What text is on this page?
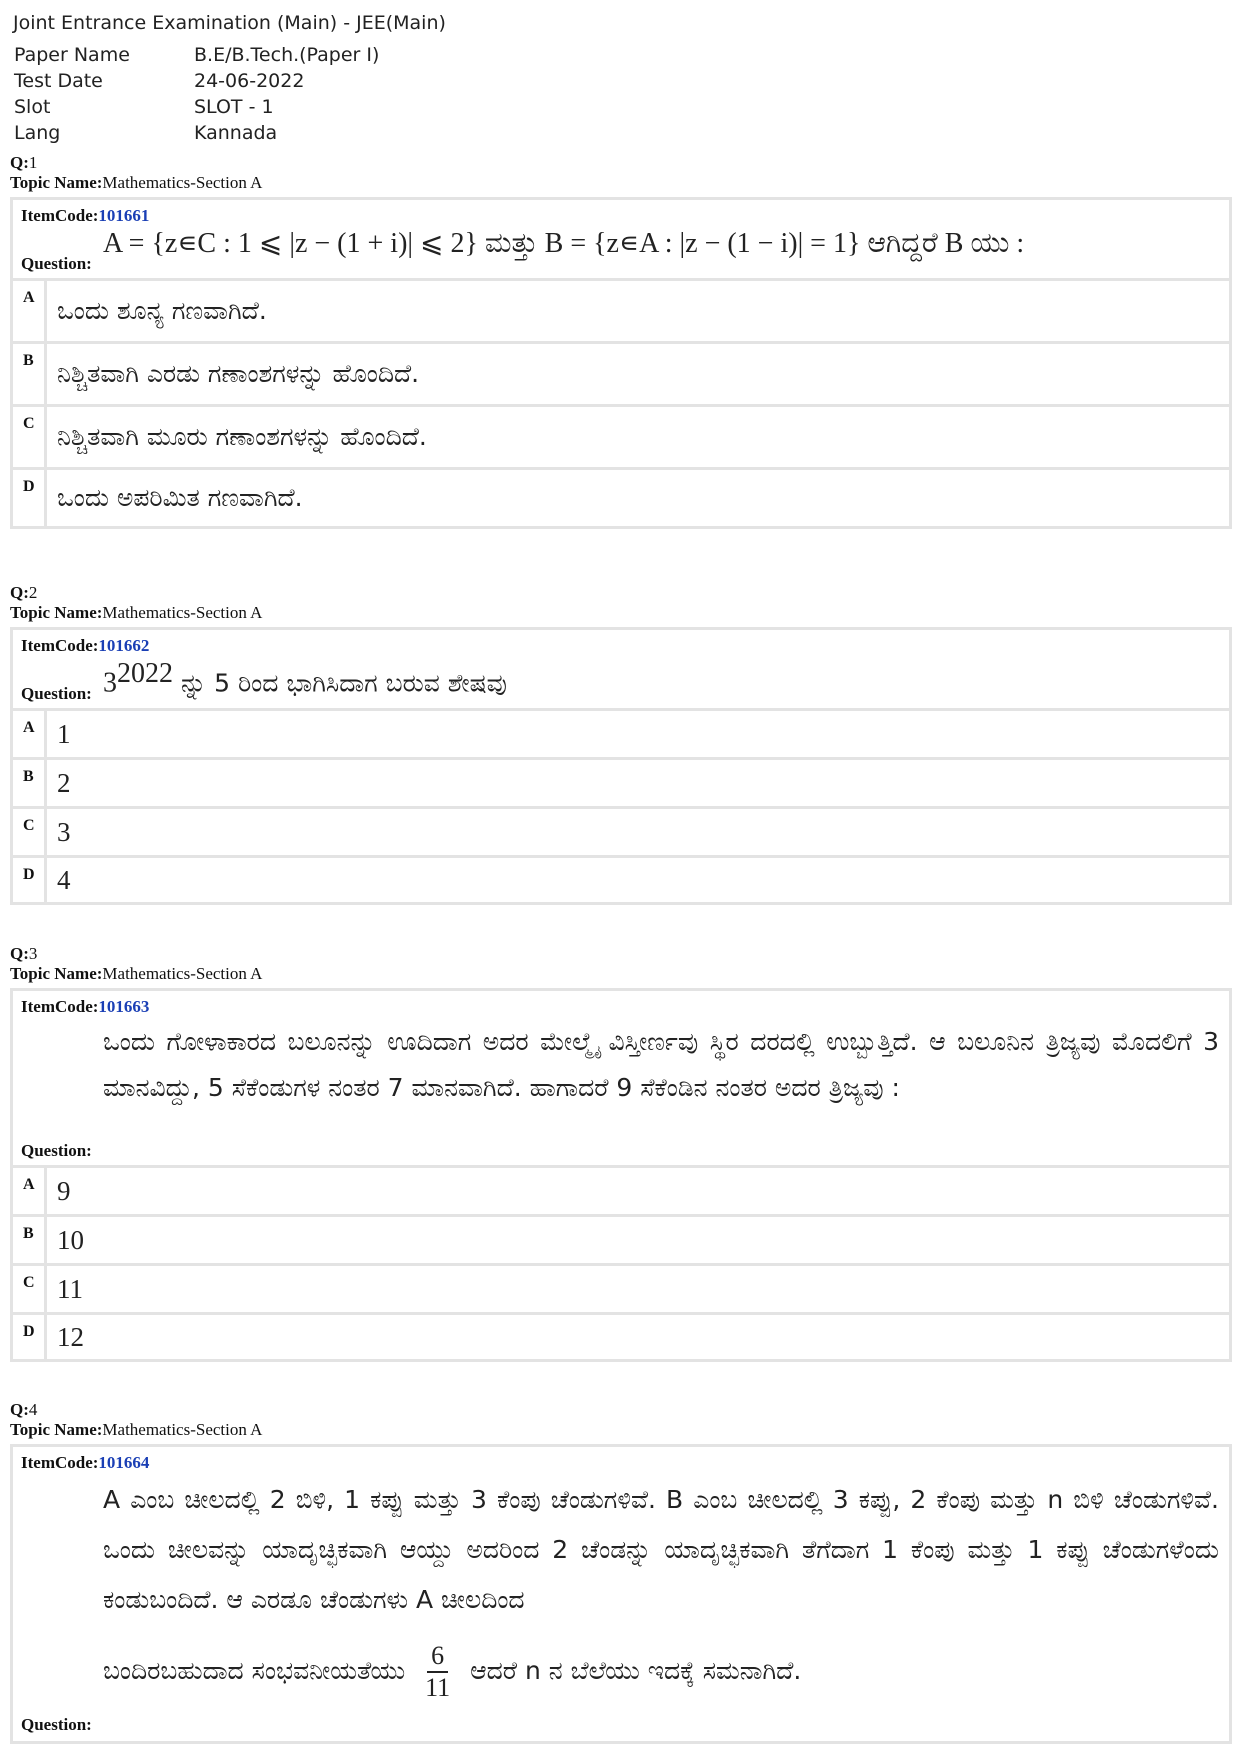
Joint Entrance Examination (Main) - JEE(Main)
Paper Name	B.E/B.Tech.(Paper I)
Test Date	24-06-2022
Slot	SLOT - 1
Lang	Kannada
Q:1
Topic Name:Mathematics-Section A
ItemCode:101661
Question:
A = {z∊C : 1 ⩽ |z − (1 + i)| ⩽ 2} ಮತ್ತು B = {z∊A : |z − (1 − i)| = 1} ಆಗಿದ್ದರೆ B ಯು :
A ಒಂದು ಶೂನ್ಯ ಗಣವಾಗಿದೆ.
B ನಿಶ್ಚಿತವಾಗಿ ಎರಡು ಗಣಾಂಶಗಳನ್ನು ಹೊಂದಿದೆ.
C ನಿಶ್ಚಿತವಾಗಿ ಮೂರು ಗಣಾಂಶಗಳನ್ನು ಹೊಂದಿದೆ.
D ಒಂದು ಅಪರಿಮಿತ ಗಣವಾಗಿದೆ.
Q:2
Topic Name:Mathematics-Section A
ItemCode:101662
Question: $3^{2022}$ ನ್ನು 5 ರಿಂದ ಭಾಗಿಸಿದಾಗ ಬರುವ ಶೇಷವು
A 1
B 2
C 3
D 4
Q:3
Topic Name:Mathematics-Section A
ItemCode:101663
Question:
ಒಂದು ಗೋಳಾಕಾರದ ಬಲೂನನ್ನು ಊದಿದಾಗ ಅದರ ಮೇಲ್ಮೈ ವಿಸ್ತೀರ್ಣವು ಸ್ಥಿರ ದರದಲ್ಲಿ ಉಬ್ಬುತ್ತಿದೆ. ಆ ಬಲೂನಿನ ತ್ರಿಜ್ಯವು ಮೊದಲಿಗೆ 3 ಮಾನವಿದ್ದು, 5 ಸೆಕೆಂಡುಗಳ ನಂತರ 7 ಮಾನವಾಗಿದೆ. ಹಾಗಾದರೆ 9 ಸೆಕೆಂಡಿನ ನಂತರ ಅದರ ತ್ರಿಜ್ಯವು :
A 9
B 10
C 11
D 12
Q:4
Topic Name:Mathematics-Section A
ItemCode:101664
Question:
A ಎಂಬ ಚೀಲದಲ್ಲಿ 2 ಬಿಳಿ, 1 ಕಪ್ಪು ಮತ್ತು 3 ಕೆಂಪು ಚೆಂಡುಗಳಿವೆ. B ಎಂಬ ಚೀಲದಲ್ಲಿ 3 ಕಪ್ಪು, 2 ಕೆಂಪು ಮತ್ತು n ಬಿಳಿ ಚೆಂಡುಗಳಿವೆ. ಒಂದು ಚೀಲವನ್ನು ಯಾದೃಚ್ಛಿಕವಾಗಿ ಆಯ್ದು ಅದರಿಂದ 2 ಚೆಂಡನ್ನು ಯಾದೃಚ್ಛಿಕವಾಗಿ ತೆಗೆದಾಗ 1 ಕೆಂಪು ಮತ್ತು 1 ಕಪ್ಪು ಚೆಂಡುಗಳೆಂದು ಕಂಡುಬಂದಿದೆ. ಆ ಎರಡೂ ಚೆಂಡುಗಳು A ಚೀಲದಿಂದ
ಬಂದಿರಬಹುದಾದ ಸಂಭವನೀಯತೆಯು $\frac{6}{11}$ ಆದರೆ n ನ ಬೆಲೆಯು ಇದಕ್ಕೆ ಸಮನಾಗಿದೆ.
